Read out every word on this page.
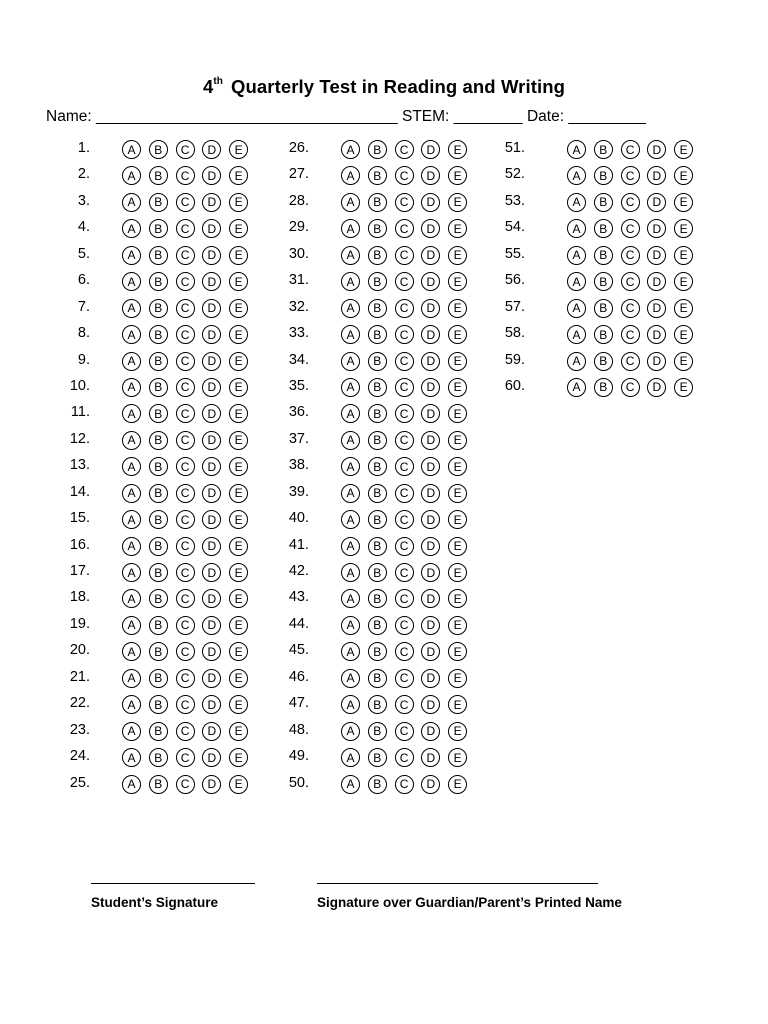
4th Quarterly Test in Reading and Writing
Name: ___________________________________ STEM: ________ Date: _________
1.	A	B	C	D	E
2.	A	B	C	D	E
3.	A	B	C	D	E
4.	A	B	C	D	E
5.	A	B	C	D	E
6.	A	B	C	D	E
7.	A	B	C	D	E
8.	A	B	C	D	E
9.	A	B	C	D	E
10.	A	B	C	D	E
11.	A	B	C	D	E
12.	A	B	C	D	E
13.	A	B	C	D	E
14.	A	B	C	D	E
15.	A	B	C	D	E
16.	A	B	C	D	E
17.	A	B	C	D	E
18.	A	B	C	D	E
19.	A	B	C	D	E
20.	A	B	C	D	E
21.	A	B	C	D	E
22.	A	B	C	D	E
23.	A	B	C	D	E
24.	A	B	C	D	E
25.	A	B	C	D	E
26.	A	B	C	D	E
27.	A	B	C	D	E
28.	A	B	C	D	E
29.	A	B	C	D	E
30.	A	B	C	D	E
31.	A	B	C	D	E
32.	A	B	C	D	E
33.	A	B	C	D	E
34.	A	B	C	D	E
35.	A	B	C	D	E
36.	A	B	C	D	E
37.	A	B	C	D	E
38.	A	B	C	D	E
39.	A	B	C	D	E
40.	A	B	C	D	E
41.	A	B	C	D	E
42.	A	B	C	D	E
43.	A	B	C	D	E
44.	A	B	C	D	E
45.	A	B	C	D	E
46.	A	B	C	D	E
47.	A	B	C	D	E
48.	A	B	C	D	E
49.	A	B	C	D	E
50.	A	B	C	D	E
51.	A	B	C	D	E
52.	A	B	C	D	E
53.	A	B	C	D	E
54.	A	B	C	D	E
55.	A	B	C	D	E
56.	A	B	C	D	E
57.	A	B	C	D	E
58.	A	B	C	D	E
59.	A	B	C	D	E
60.	A	B	C	D	E
Student’s Signature	Signature over Guardian/Parent’s Printed Name
